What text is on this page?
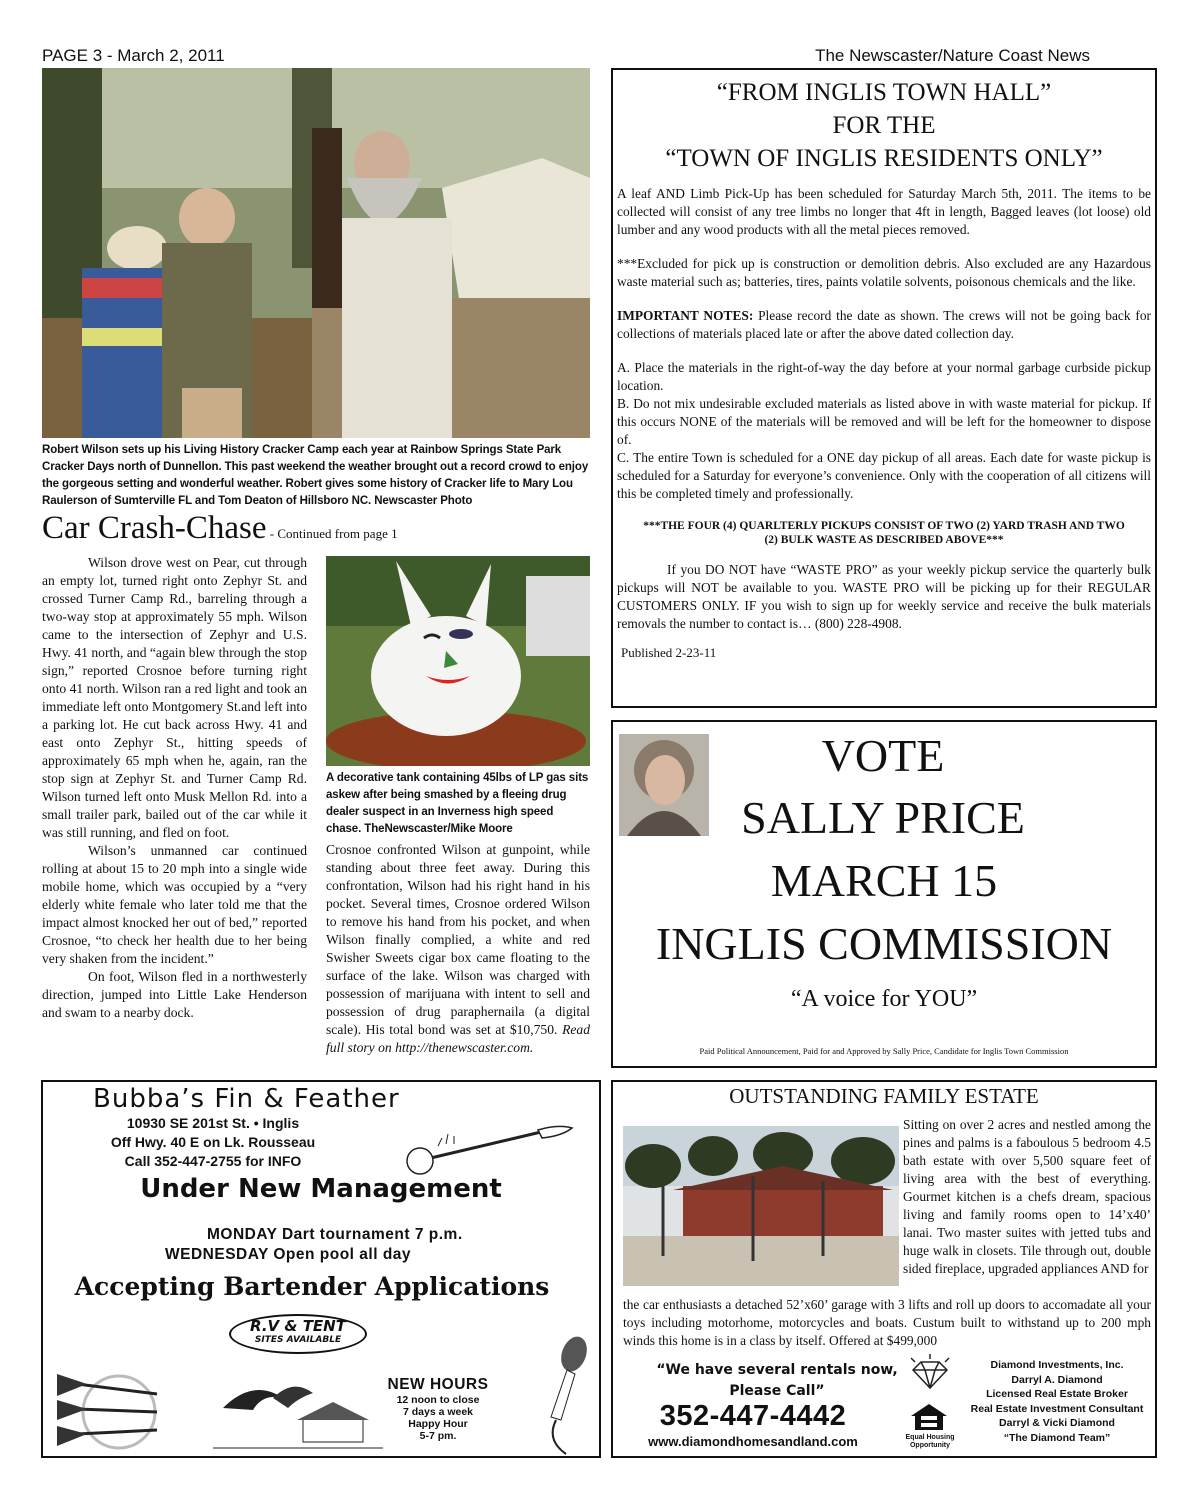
PAGE 3 - March 2, 2011	The Newscaster/Nature Coast News
Robert Wilson sets up his Living History Cracker Camp each year at Rainbow Springs State Park Cracker Days north of Dunnellon. This past weekend the weather brought out a record crowd to enjoy the gorgeous setting and wonderful weather. Robert gives some history of Cracker life to Mary Lou Raulerson of Sumterville FL and Tom Deaton of Hillsboro NC. Newscaster Photo
Car Crash-Chase - Continued from page 1

Wilson drove west on Pear, cut through an empty lot, turned right onto Zephyr St. and crossed Turner Camp Rd., barreling through a two-way stop at approximately 55 mph. Wilson came to the intersection of Zephyr and U.S. Hwy. 41 north, and “again blew through the stop sign,” reported Crosnoe before turning right onto 41 north. Wilson ran a red light and took an immediate left onto Montgomery St.and left into a parking lot. He cut back across Hwy. 41 and east onto Zephyr St., hitting speeds of approximately 65 mph when he, again, ran the stop sign at Zephyr St. and Turner Camp Rd. Wilson turned left onto Musk Mellon Rd. into a small trailer park, bailed out of the car while it was still running, and fled on foot.

Wilson’s unmanned car continued rolling at about 15 to 20 mph into a single wide mobile home, which was occupied by a “very elderly white female who later told me that the impact almost knocked her out of bed,” reported Crosnoe, “to check her health due to her being very shaken from the incident.”

On foot, Wilson fled in a northwesterly direction, jumped into Little Lake Henderson and swam to a nearby dock.

A decorative tank containing 45lbs of LP gas sits askew after being smashed by a fleeing drug dealer suspect in an Inverness high speed chase. TheNewscaster/Mike Moore
Crosnoe confronted Wilson at gunpoint, while standing about three feet away. During this confrontation, Wilson had his right hand in his pocket. Several times, Crosnoe ordered Wilson to remove his hand from his pocket, and when Wilson finally complied, a white and red Swisher Sweets cigar box came floating to the surface of the lake. Wilson was charged with possession of marijuana with intent to sell and possession of drug paraphernaila (a digital scale). His total bond was set at $10,750. Read full story on http://thenewscaster.com.
Bubba’s Fin & Feather
10930 SE 201st St. • Inglis
Off Hwy. 40 E on Lk. Rousseau
Call 352-447-2755 for INFO
Under New Management
MONDAY Dart tournament 7 p.m.
WEDNESDAY Open pool all day
Accepting Bartender Applications
R.V & TENT
SITES AVAILABLE
NEW HOURS
12 noon to close
7 days a week
Happy Hour
5-7 pm.
“FROM INGLIS TOWN HALL”
FOR THE
“TOWN OF INGLIS RESIDENTS ONLY”

A leaf AND Limb Pick-Up has been scheduled for Saturday March 5th, 2011. The items to be collected will consist of any tree limbs no longer that 4ft in length, Bagged leaves (lot loose) old lumber and any wood products with all the metal pieces removed.

***Excluded for pick up is construction or demolition debris. Also excluded are any Hazardous waste material such as; batteries, tires, paints volatile solvents, poisonous chemicals and the like.

IMPORTANT NOTES: Please record the date as shown. The crews will not be going back for collections of materials placed late or after the above dated collection day.

A. Place the materials in the right-of-way the day before at your normal garbage curbside pickup location.

B. Do not mix undesirable excluded materials as listed above in with waste material for pickup. If this occurs NONE of the materials will be removed and will be left for the homeowner to dispose of.

C. The entire Town is scheduled for a ONE day pickup of all areas. Each date for waste pickup is scheduled for a Saturday for everyone’s convenience. Only with the cooperation of all citizens will this be completed timely and professionally.

***THE FOUR (4) QUARLTERLY PICKUPS CONSIST OF TWO (2) YARD TRASH AND TWO (2) BULK WASTE AS DESCRIBED ABOVE***

If you DO NOT have “WASTE PRO” as your weekly pickup service the quarterly bulk pickups will NOT be available to you. WASTE PRO will be picking up for their REGULAR CUSTOMERS ONLY. IF you wish to sign up for weekly service and receive the bulk materials removals the number to contact is… (800) 228-4908.

Published 2-23-11
VOTE
SALLY PRICE
MARCH 15
INGLIS COMMISSION
“A voice for YOU”
Paid Political Announcement, Paid for and Approved by Sally Price, Candidate for Inglis Town Commission
OUTSTANDING FAMILY ESTATE
Sitting on over 2 acres and nestled among the pines and palms is a faboulous 5 bedroom 4.5 bath estate with over 5,500 square feet of living area with the best of everything. Gourmet kitchen is a chefs dream, spacious living and family rooms open to 14’x40’ lanai. Two master suites with jetted tubs and huge walk in closets. Tile through out, double sided fireplace, upgraded appliances AND for
the car enthusiasts a detached 52’x60’ garage with 3 lifts and roll up doors to accomadate all your toys including motorhome, motorcycles and boats. Custum built to withstand up to 200 mph winds this home is in a class by itself. Offered at $499,000
“We have several rentals now,
Please Call”
352-447-4442
www.diamondhomesandland.com	Equal Housing
Opportunity
Diamond Investments, Inc.
Darryl A. Diamond
Licensed Real Estate Broker
Real Estate Investment Consultant
Darryl & Vicki Diamond
“The Diamond Team”
